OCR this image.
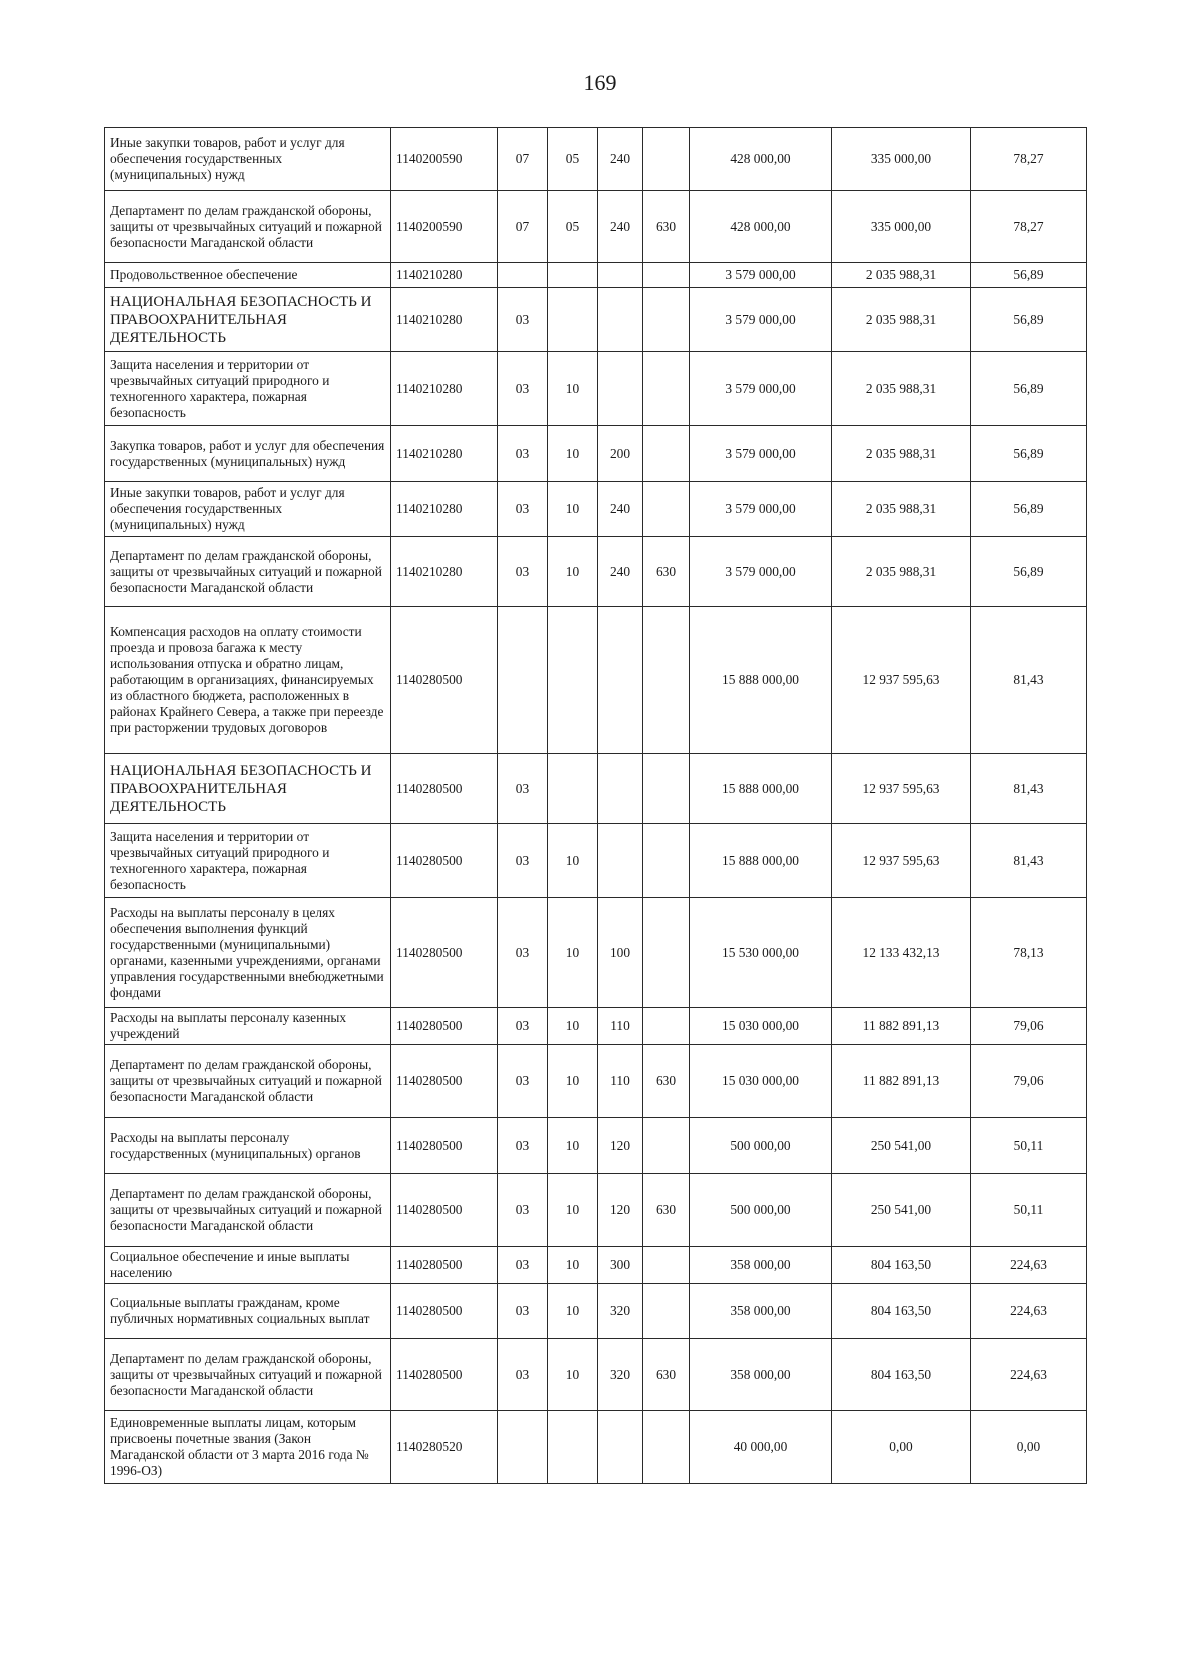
169
Иные закупки товаров, работ и услуг для обеспечения государственных (муниципальных) нужд	1140200590	07	05	240		428 000,00	335 000,00	78,27
Департамент по делам гражданской обороны, защиты от чрезвычайных ситуаций и пожарной безопасности Магаданской области	1140200590	07	05	240	630	428 000,00	335 000,00	78,27
Продовольственное обеспечение	1140210280					3 579 000,00	2 035 988,31	56,89
НАЦИОНАЛЬНАЯ БЕЗОПАСНОСТЬ И ПРАВООХРАНИТЕЛЬНАЯ ДЕЯТЕЛЬНОСТЬ	1140210280	03				3 579 000,00	2 035 988,31	56,89
Защита населения и территории от чрезвычайных ситуаций природного и техногенного характера, пожарная безопасность	1140210280	03	10			3 579 000,00	2 035 988,31	56,89
Закупка товаров, работ и услуг для обеспечения государственных (муниципальных) нужд	1140210280	03	10	200		3 579 000,00	2 035 988,31	56,89
Иные закупки товаров, работ и услуг для обеспечения государственных (муниципальных) нужд	1140210280	03	10	240		3 579 000,00	2 035 988,31	56,89
Департамент по делам гражданской обороны, защиты от чрезвычайных ситуаций и пожарной безопасности Магаданской области	1140210280	03	10	240	630	3 579 000,00	2 035 988,31	56,89
Компенсация расходов на оплату стоимости проезда и провоза багажа к месту использования отпуска и обратно лицам, работающим в организациях, финансируемых из областного бюджета, расположенных в районах Крайнего Севера, а также при переезде при расторжении трудовых договоров	1140280500					15 888 000,00	12 937 595,63	81,43
НАЦИОНАЛЬНАЯ БЕЗОПАСНОСТЬ И ПРАВООХРАНИТЕЛЬНАЯ ДЕЯТЕЛЬНОСТЬ	1140280500	03				15 888 000,00	12 937 595,63	81,43
Защита населения и территории от чрезвычайных ситуаций природного и техногенного характера, пожарная безопасность	1140280500	03	10			15 888 000,00	12 937 595,63	81,43
Расходы на выплаты персоналу в целях обеспечения выполнения функций государственными (муниципальными) органами, казенными учреждениями, органами управления государственными внебюджетными фондами	1140280500	03	10	100		15 530 000,00	12 133 432,13	78,13
Расходы на выплаты персоналу казенных учреждений	1140280500	03	10	110		15 030 000,00	11 882 891,13	79,06
Департамент по делам гражданской обороны, защиты от чрезвычайных ситуаций и пожарной безопасности Магаданской области	1140280500	03	10	110	630	15 030 000,00	11 882 891,13	79,06
Расходы на выплаты персоналу государственных (муниципальных) органов	1140280500	03	10	120		500 000,00	250 541,00	50,11
Департамент по делам гражданской обороны, защиты от чрезвычайных ситуаций и пожарной безопасности Магаданской области	1140280500	03	10	120	630	500 000,00	250 541,00	50,11
Социальное обеспечение и иные выплаты населению	1140280500	03	10	300		358 000,00	804 163,50	224,63
Социальные выплаты гражданам, кроме публичных нормативных социальных выплат	1140280500	03	10	320		358 000,00	804 163,50	224,63
Департамент по делам гражданской обороны, защиты от чрезвычайных ситуаций и пожарной безопасности Магаданской области	1140280500	03	10	320	630	358 000,00	804 163,50	224,63
Единовременные выплаты лицам, которым присвоены почетные звания (Закон Магаданской области от 3 марта 2016 года № 1996-ОЗ)	1140280520					40 000,00	0,00	0,00
